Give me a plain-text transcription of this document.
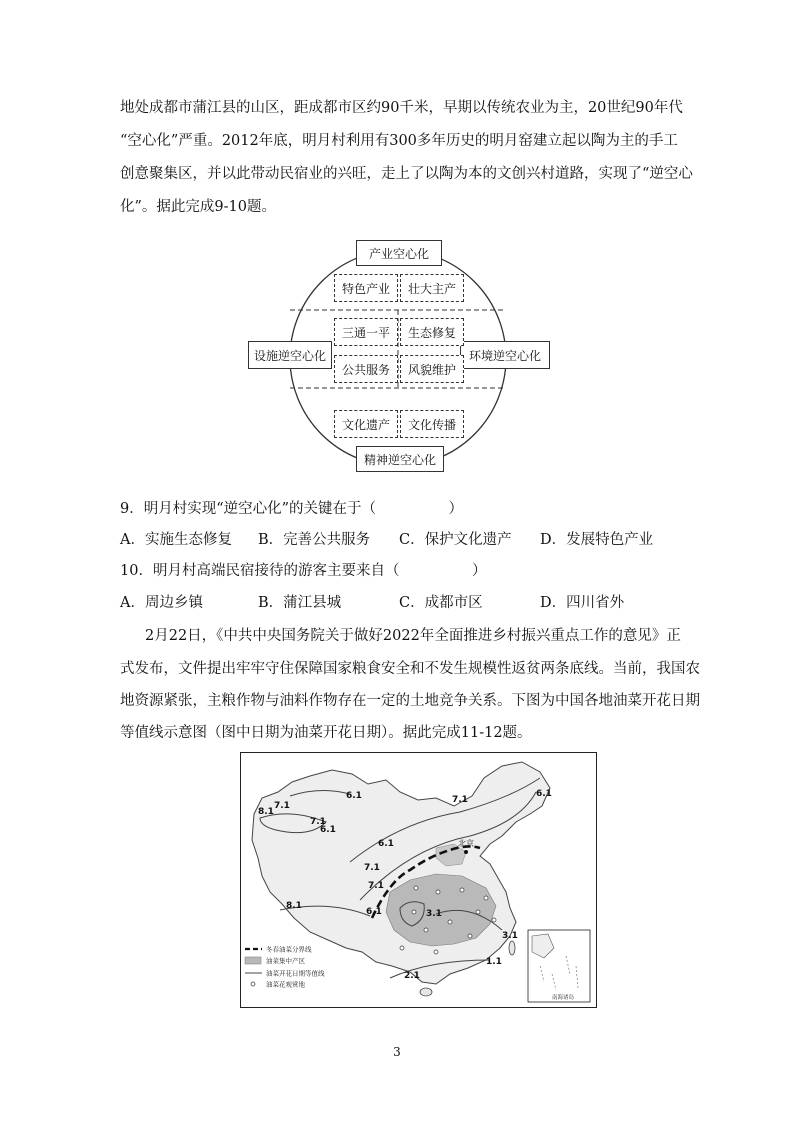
地处成都市蒲江县的山区，距成都市区约90千米，早期以传统农业为主，20世纪90年代
“空心化”严重。2012年底，明月村利用有300多年历史的明月窑建立起以陶为主的手工
创意聚集区，并以此带动民宿业的兴旺，走上了以陶为本的文创兴村道路，实现了“逆空心
化”。据此完成9-10题。
产业空心化
设施逆空心化	环境逆空心化
精神逆空心化
特色产业	壮大主产
三通一平	生态修复
公共服务	风貌维护
文化遗产	文化传播
9．明月村实现“逆空心化”的关键在于（　　　　　）
A．实施生态修复 B．完善公共服务 C．保护文化遗产 D．发展特色产业
10．明月村高端民宿接待的游客主要来自（　　　　　）
A．周边乡镇	B．蒲江县城	C．成都市区	D．四川省外
2月22日，《中共中央国务院关于做好2022年全面推进乡村振兴重点工作的意见》正
式发布，文件提出牢牢守住保障国家粮食安全和不发生规模性返贫两条底线。当前，我国农
地资源紧张，主粮作物与油料作物存在一定的土地竞争关系。下图为中国各地油菜开花日期
等值线示意图（图中日期为油菜开花日期）。据此完成11-12题。
北京
7.1
6.1
8.1
7.1
7.1
6.1
6.1
6.1
7.1
7.1
8.1
6.1	3.1
3.1
1.1
2.1
冬春油菜分界线
油菜集中产区
油菜开花日期等值线
油菜花观赏地
南海诸岛
3
